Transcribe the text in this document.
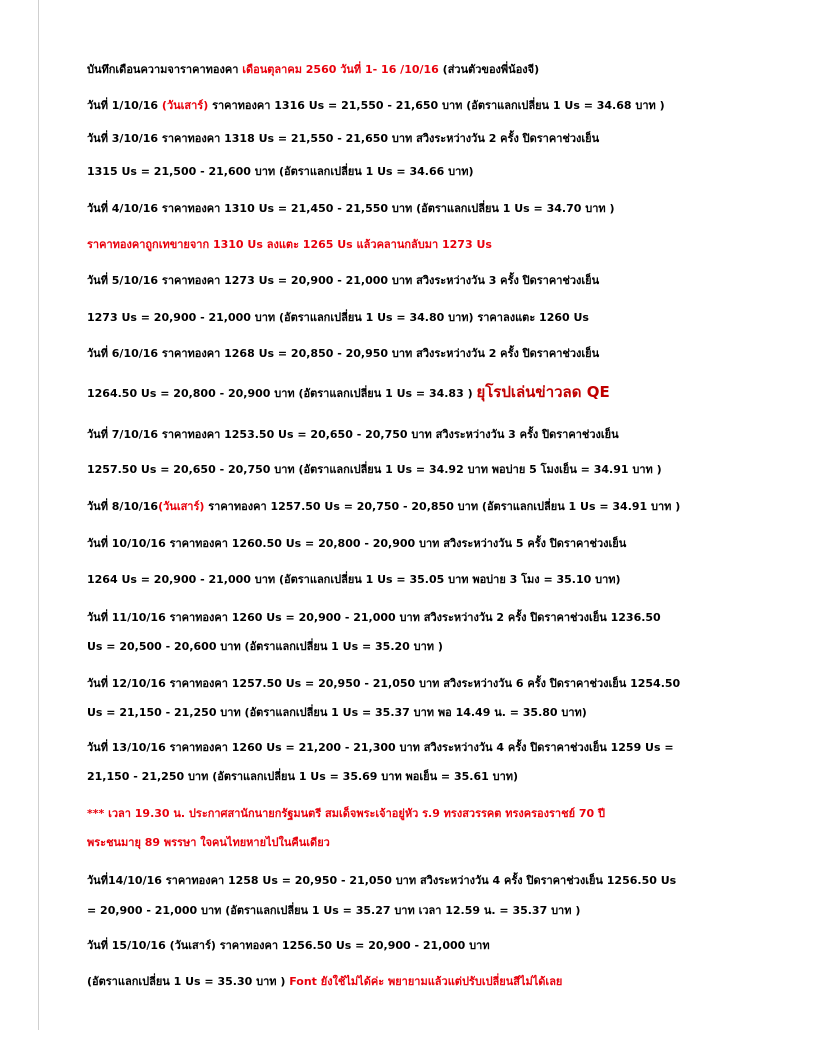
บันทึกเดือนความจาราคาทองคา เดือนตุลาคม 2560 วันที่ 1- 16 /10/16 (ส่วนตัวของพี่น้องจี)
วันที่ 1/10/16 (วันเสาร์) ราคาทองคา 1316 Us = 21,550 - 21,650 บาท (อัตราแลกเปลี่ยน 1 Us = 34.68 บาท )
วันที่ 3/10/16 ราคาทองคา 1318 Us = 21,550 - 21,650 บาท สวิงระหว่างวัน 2 ครั้ง ปิดราคาช่วงเย็น
1315 Us = 21,500 - 21,600 บาท (อัตราแลกเปลี่ยน 1 Us = 34.66 บาท)
วันที่ 4/10/16 ราคาทองคา 1310 Us = 21,450 - 21,550 บาท (อัตราแลกเปลี่ยน 1 Us = 34.70 บาท )
ราคาทองคาถูกเทขายจาก 1310 Us ลงแตะ 1265 Us แล้วคลานกลับมา 1273 Us
วันที่ 5/10/16 ราคาทองคา 1273 Us = 20,900 - 21,000 บาท สวิงระหว่างวัน 3 ครั้ง ปิดราคาช่วงเย็น
1273 Us = 20,900 - 21,000 บาท (อัตราแลกเปลี่ยน 1 Us = 34.80 บาท) ราคาลงแตะ 1260 Us
วันที่ 6/10/16 ราคาทองคา 1268 Us = 20,850 - 20,950 บาท สวิงระหว่างวัน 2 ครั้ง ปิดราคาช่วงเย็น
1264.50 Us = 20,800 - 20,900 บาท (อัตราแลกเปลี่ยน 1 Us = 34.83 ) ยุโรปเล่นข่าวลด QE
วันที่ 7/10/16 ราคาทองคา 1253.50 Us = 20,650 - 20,750 บาท สวิงระหว่างวัน 3 ครั้ง ปิดราคาช่วงเย็น
1257.50 Us = 20,650 - 20,750 บาท (อัตราแลกเปลี่ยน 1 Us = 34.92 บาท พอบ่าย 5 โมงเย็น = 34.91 บาท )
วันที่ 8/10/16(วันเสาร์) ราคาทองคา 1257.50 Us = 20,750 - 20,850 บาท (อัตราแลกเปลี่ยน 1 Us = 34.91 บาท )
วันที่ 10/10/16 ราคาทองคา 1260.50 Us = 20,800 - 20,900 บาท สวิงระหว่างวัน 5 ครั้ง ปิดราคาช่วงเย็น
1264 Us = 20,900 - 21,000 บาท (อัตราแลกเปลี่ยน 1 Us = 35.05 บาท พอบ่าย 3 โมง = 35.10 บาท)
วันที่ 11/10/16 ราคาทองคา 1260 Us = 20,900 - 21,000 บาท สวิงระหว่างวัน 2 ครั้ง ปิดราคาช่วงเย็น 1236.50
Us = 20,500 - 20,600 บาท (อัตราแลกเปลี่ยน 1 Us = 35.20 บาท )
วันที่ 12/10/16 ราคาทองคา 1257.50 Us = 20,950 - 21,050 บาท สวิงระหว่างวัน 6 ครั้ง ปิดราคาช่วงเย็น 1254.50
Us = 21,150 - 21,250 บาท (อัตราแลกเปลี่ยน 1 Us = 35.37 บาท พอ 14.49 น. = 35.80 บาท)
วันที่ 13/10/16 ราคาทองคา 1260 Us = 21,200 - 21,300 บาท สวิงระหว่างวัน 4 ครั้ง ปิดราคาช่วงเย็น 1259 Us =
21,150 - 21,250 บาท (อัตราแลกเปลี่ยน 1 Us = 35.69 บาท พอเย็น = 35.61 บาท)
*** เวลา 19.30 น. ประกาศสานักนายกรัฐมนตรี สมเด็จพระเจ้าอยู่หัว ร.9 ทรงสวรรคต ทรงครองราชย์ 70 ปี
พระชนมายุ 89 พรรษา ใจคนไทยหายไปในคืนเดียว
วันที่14/10/16 ราคาทองคา 1258 Us = 20,950 - 21,050 บาท สวิงระหว่างวัน 4 ครั้ง ปิดราคาช่วงเย็น 1256.50 Us
= 20,900 - 21,000 บาท (อัตราแลกเปลี่ยน 1 Us = 35.27 บาท เวลา 12.59 น. = 35.37 บาท )
วันที่ 15/10/16 (วันเสาร์) ราคาทองคา 1256.50 Us = 20,900 - 21,000 บาท
(อัตราแลกเปลี่ยน 1 Us = 35.30 บาท ) Font ยังใช้ไม่ได้ค่ะ พยายามแล้วแต่ปรับเปลี่ยนสีไม่ได้เลย
